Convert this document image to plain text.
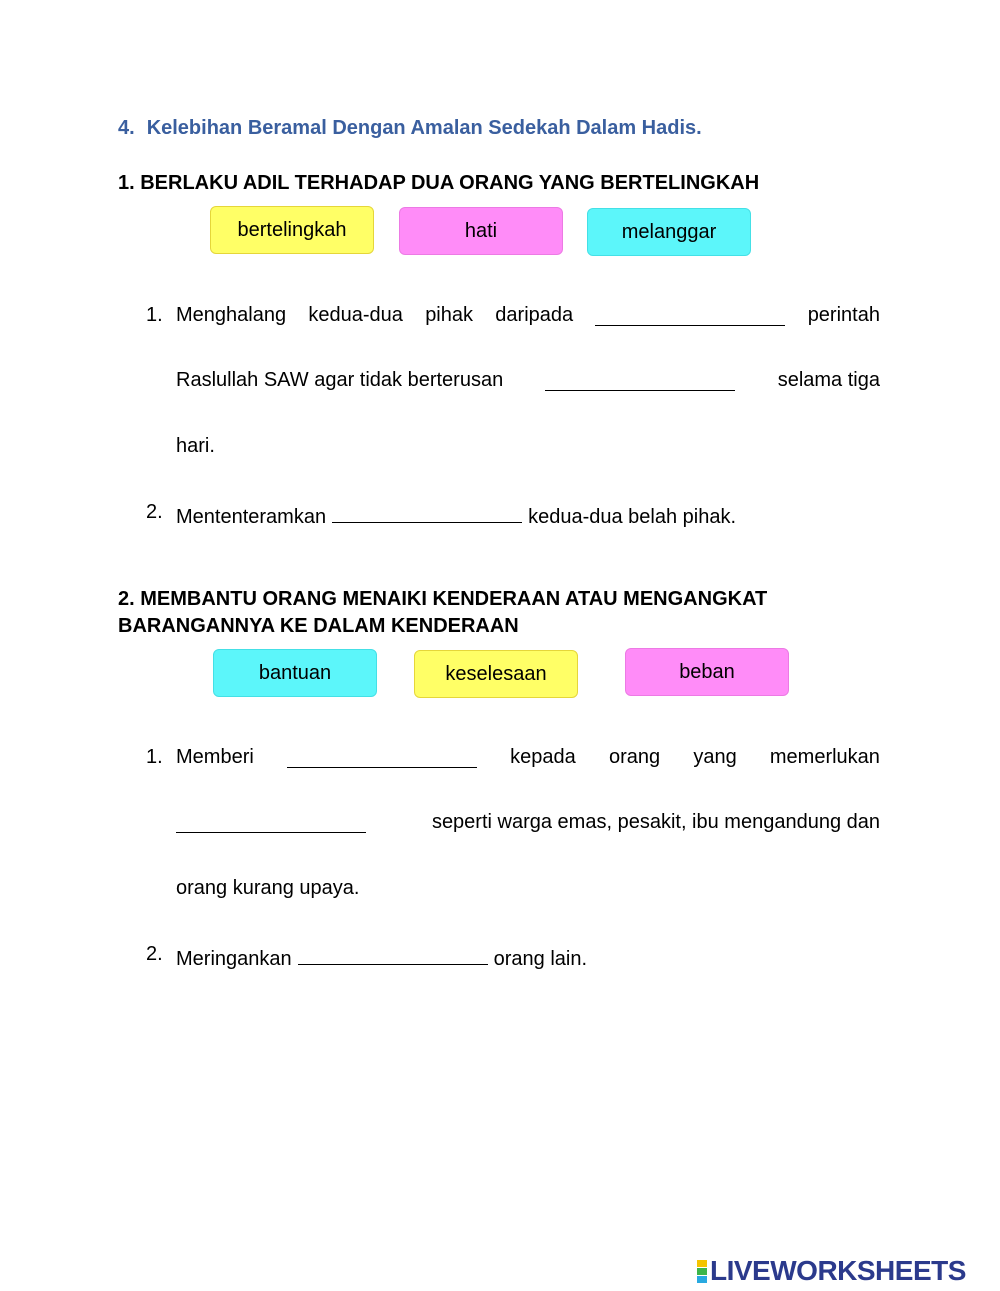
4. Kelebihan Beramal Dengan Amalan Sedekah Dalam Hadis.
1. BERLAKU ADIL TERHADAP DUA ORANG YANG BERTELINGKAH
bertelingkah	hati	melanggar
1. Menghalang kedua-dua pihak daripada	perintah
Raslullah SAW agar tidak berterusan	selama tiga
hari.
2. Mententeramkan	kedua-dua belah pihak.
2. MEMBANTU ORANG MENAIKI KENDERAAN ATAU MENGANGKAT BARANGANNYA KE DALAM KENDERAAN
bantuan	keselesaan	beban
1. Memberi	kepada orang yang memerlukan
seperti warga emas, pesakit, ibu mengandung dan
orang kurang upaya.
2. Meringankan	orang lain.
LIVEWORKSHEETS
